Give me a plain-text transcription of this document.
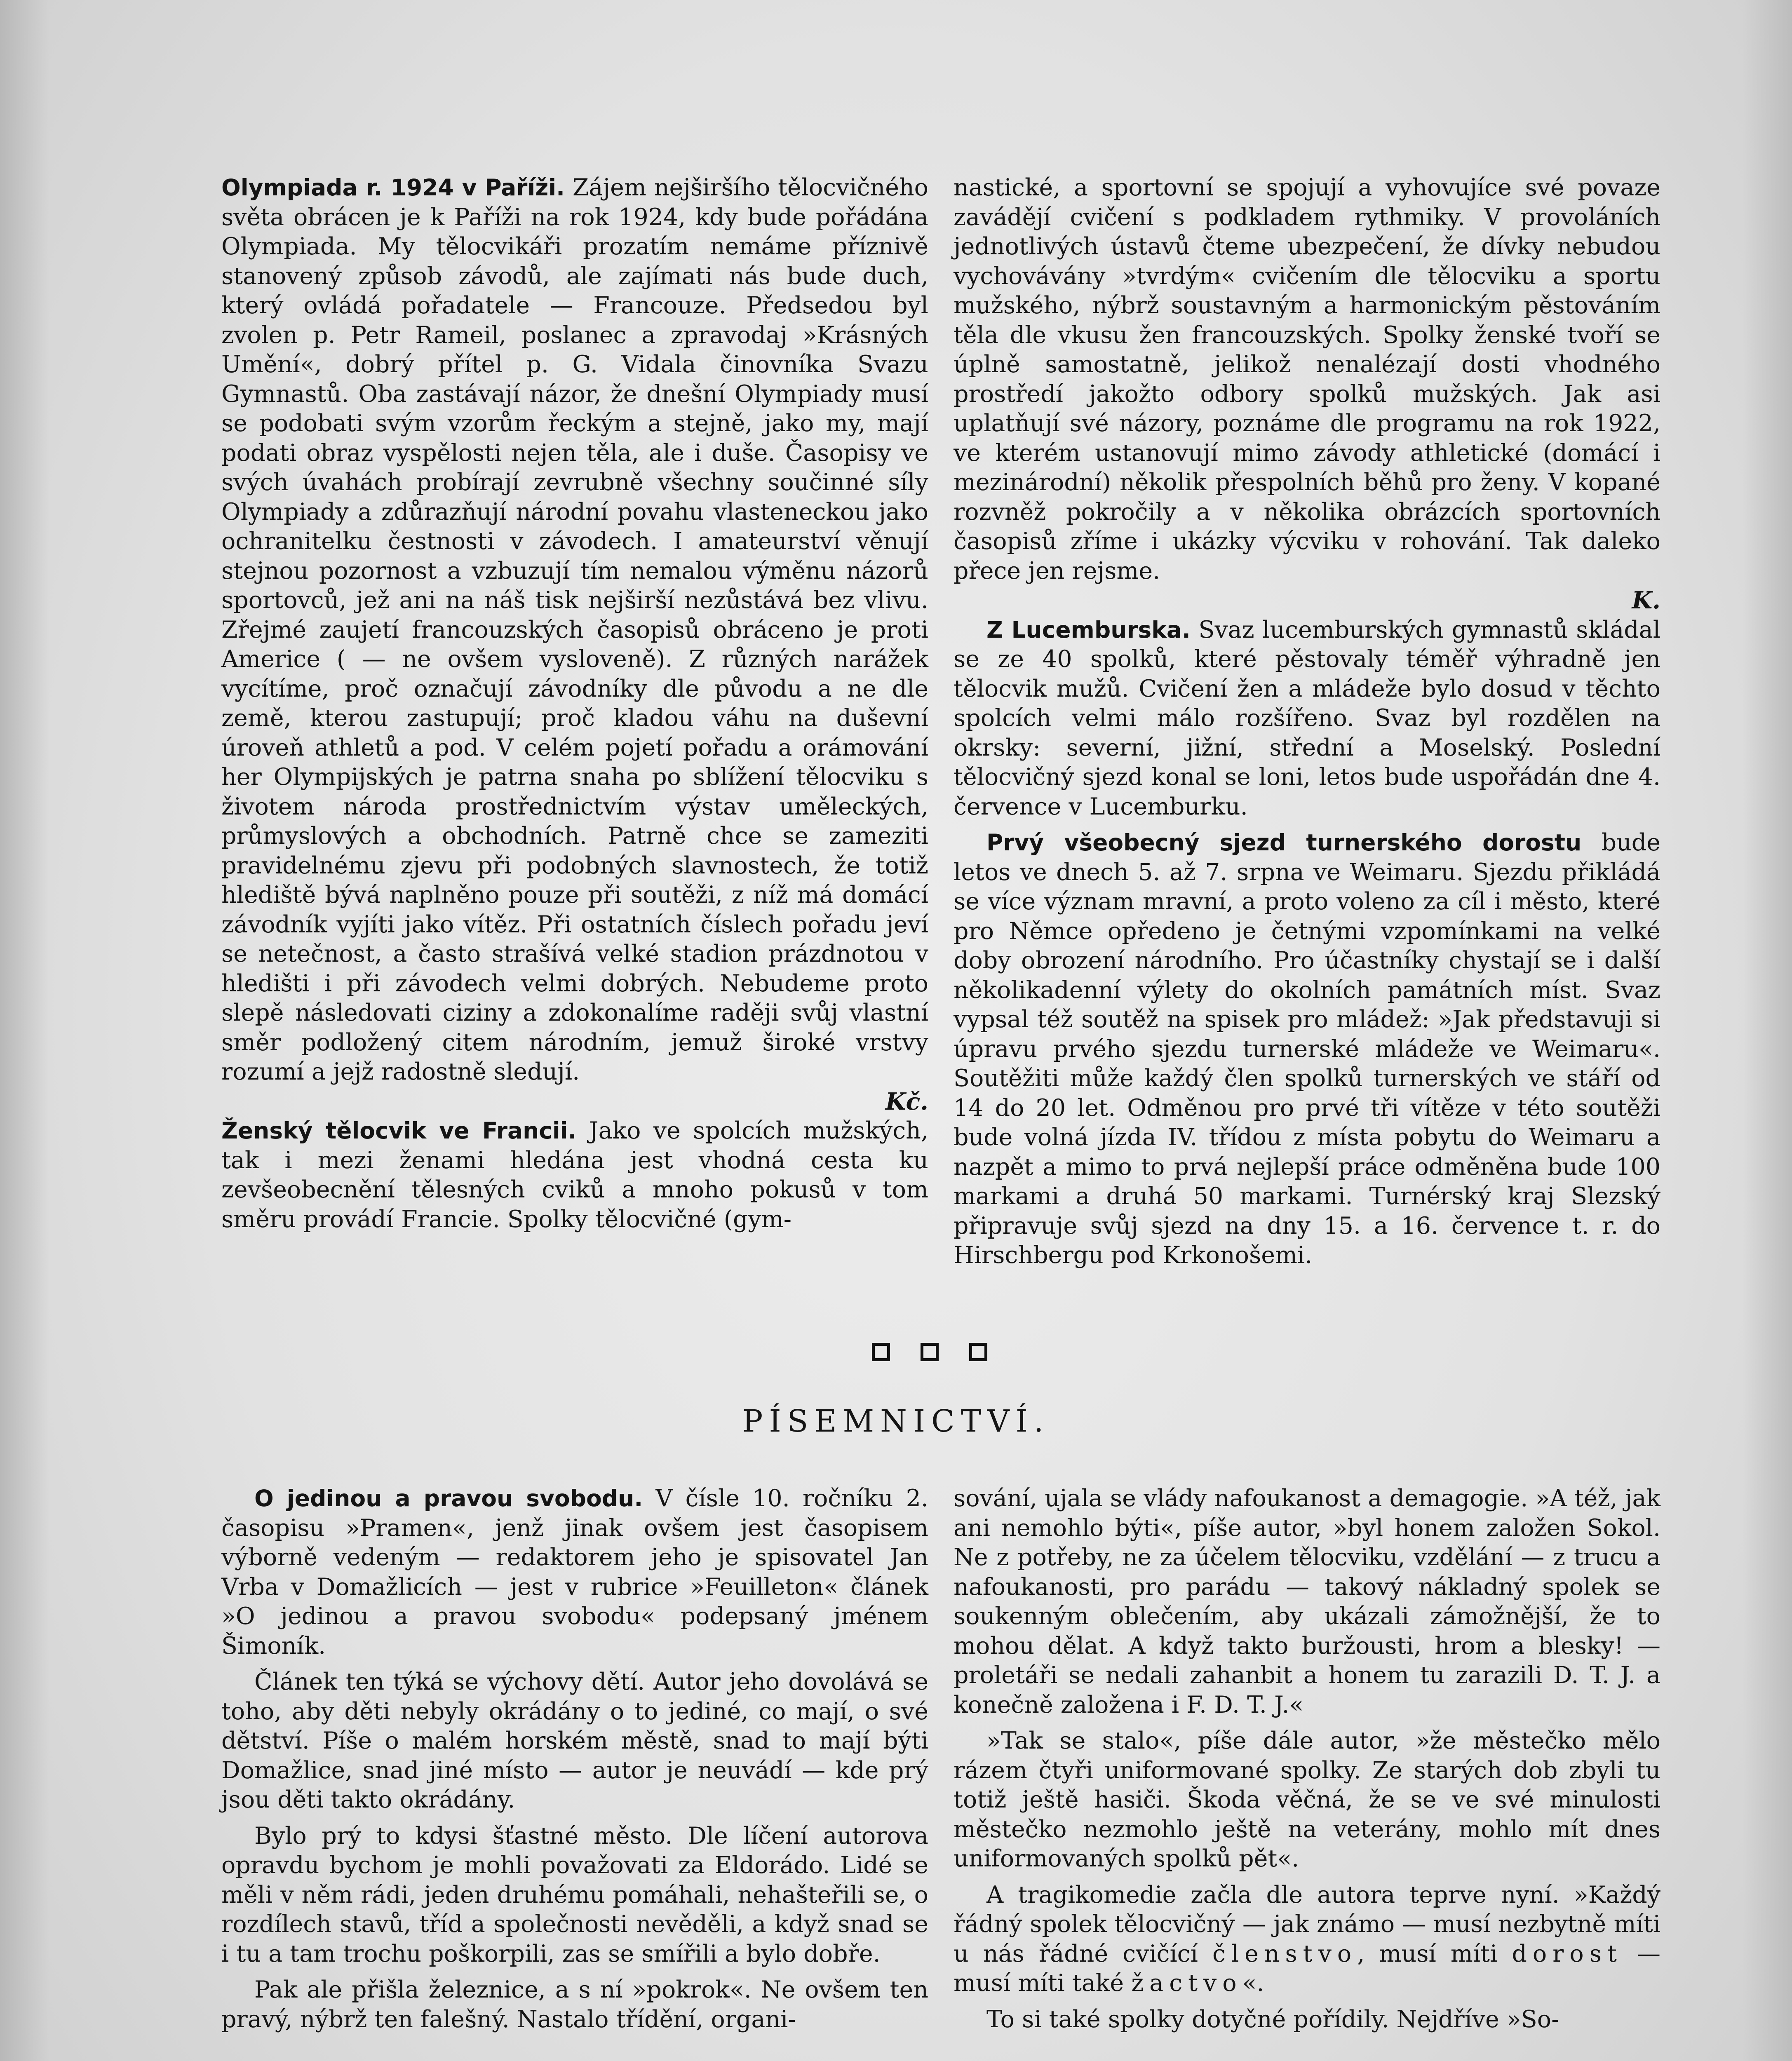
Olympiada r. 1924 v Paříži. Zájem nejširšího tělocvičného světa obrácen je k Paříži na rok 1924, kdy bude pořádána Olympiada. My tělocvikáři prozatím nemáme příznivě stanovený způsob závodů, ale zajímati nás bude duch, který ovládá pořadatele — Francouze. Předsedou byl zvolen p. Petr Rameil, poslanec a zpravodaj »Krásných Umění«, dobrý přítel p. G. Vidala činovníka Svazu Gymnastů. Oba zastávají názor, že dnešní Olympiady musí se podobati svým vzorům řeckým a stejně, jako my, mají podati obraz vyspělosti nejen těla, ale i duše. Časopisy ve svých úvahách probírají zevrubně všechny součinné síly Olympiady a zdůrazňují národní povahu vlasteneckou jako ochranitelku čestnosti v závodech. I amateurství věnují stejnou pozornost a vzbuzují tím nemalou výměnu názorů sportovců, jež ani na náš tisk nejširší nezůstává bez vlivu. Zřejmé zaujetí francouzských časopisů obráceno je proti Americe ( — ne ovšem vysloveně). Z různých narážek vycítíme, proč označují závodníky dle původu a ne dle země, kterou zastupují; proč kladou váhu na duševní úroveň athletů a pod. V celém pojetí pořadu a orámování her Olympijských je patrna snaha po sblížení tělocviku s životem národa prostřednictvím výstav uměleckých, průmyslových a obchodních. Patrně chce se zameziti pravidelnému zjevu při podobných slavnostech, že totiž hlediště bývá naplněno pouze při soutěži, z níž má domácí závodník vyjíti jako vítěz. Při ostatních číslech pořadu jeví se netečnost, a často strašívá velké stadion prázdnotou v hledišti i při závodech velmi dobrých. Nebudeme proto slepě následovati ciziny a zdokonalíme raději svůj vlastní směr podložený citem národním, jemuž široké vrstvy rozumí a jejž radostně sledují.
Kč.

Ženský tělocvik ve Francii. Jako ve spolcích mužských, tak i mezi ženami hledána jest vhodná cesta ku zevšeobecnění tělesných cviků a mnoho pokusů v tom směru provádí Francie. Spolky tělocvičné (gym-

nastické, a sportovní se spojují a vyhovujíce své povaze zavádějí cvičení s podkladem rythmiky. V provoláních jednotlivých ústavů čteme ubezpečení, že dívky nebudou vychovávány »tvrdým« cvičením dle tělocviku a sportu mužského, nýbrž soustavným a harmonickým pěstováním těla dle vkusu žen francouzských. Spolky ženské tvoří se úplně samostatně, jelikož nenalézají dosti vhodného prostředí jakožto odbory spolků mužských. Jak asi uplatňují své názory, poznáme dle programu na rok 1922, ve kterém ustanovují mimo závody athletické (domácí i mezinárodní) několik přespolních běhů pro ženy. V kopané rozvněž pokročily a v několika obrázcích sportovních časopisů zříme i ukázky výcviku v rohování. Tak daleko přece jen rejsme.
K.

Z Lucemburska. Svaz lucemburských gymnastů skládal se ze 40 spolků, které pěstovaly téměř výhradně jen tělocvik mužů. Cvičení žen a mládeže bylo dosud v těchto spolcích velmi málo rozšířeno. Svaz byl rozdělen na okrsky: severní, jižní, střední a Moselský. Poslední tělocvičný sjezd konal se loni, letos bude uspořádán dne 4. července v Lucemburku.

Prvý všeobecný sjezd turnerského dorostu bude letos ve dnech 5. až 7. srpna ve Weimaru. Sjezdu přikládá se více význam mravní, a proto voleno za cíl i město, které pro Němce opředeno je četnými vzpomínkami na velké doby obrození národního. Pro účastníky chystají se i další několikadenní výlety do okolních památních míst. Svaz vypsal též soutěž na spisek pro mládež: »Jak představuji si úpravu prvého sjezdu turnerské mládeže ve Weimaru«. Soutěžiti může každý člen spolků turnerských ve stáří od 14 do 20 let. Odměnou pro prvé tři vítěze v této soutěži bude volná jízda IV. třídou z místa pobytu do Weimaru a nazpět a mimo to prvá nejlepší práce odměněna bude 100 markami a druhá 50 markami. Turnérský kraj Slezský připravuje svůj sjezd na dny 15. a 16. července t. r. do Hirschbergu pod Krkonošemi.

PÍSEMNICTVÍ.

O jedinou a pravou svobodu. V čísle 10. ročníku 2. časopisu »Pramen«, jenž jinak ovšem jest časopisem výborně vedeným — redaktorem jeho je spisovatel Jan Vrba v Domažlicích — jest v rubrice »Feuilleton« článek »O jedinou a pravou svobodu« podepsaný jménem Šimoník.

Článek ten týká se výchovy dětí. Autor jeho dovolává se toho, aby děti nebyly okrádány o to jediné, co mají, o své dětství. Píše o malém horském městě, snad to mají býti Domažlice, snad jiné místo — autor je neuvádí — kde prý jsou děti takto okrádány.

Bylo prý to kdysi šťastné město. Dle líčení autorova opravdu bychom je mohli považovati za Eldorádo. Lidé se měli v něm rádi, jeden druhému pomáhali, nehašteřili se, o rozdílech stavů, tříd a společnosti nevěděli, a když snad se i tu a tam trochu poškorpili, zas se smířili a bylo dobře.

Pak ale přišla železnice, a s ní »pokrok«. Ne ovšem ten pravý, nýbrž ten falešný. Nastalo třídění, organi-

sování, ujala se vlády nafoukanost a demagogie. »A též, jak ani nemohlo býti«, píše autor, »byl honem založen Sokol. Ne z potřeby, ne za účelem tělocviku, vzdělání — z trucu a nafoukanosti, pro parádu — takový nákladný spolek se soukenným oblečením, aby ukázali zámožnější, že to mohou dělat. A když takto buržousti, hrom a blesky! — proletáři se nedali zahanbit a honem tu zarazili D. T. J. a konečně založena i F. D. T. J.«

»Tak se stalo«, píše dále autor, »že městečko mělo rázem čtyři uniformované spolky. Ze starých dob zbyli tu totiž ještě hasiči. Škoda věčná, že se ve své minulosti městečko nezmohlo ještě na veterány, mohlo mít dnes uniformovaných spolků pět«.

A tragikomedie začla dle autora teprve nyní. »Každý řádný spolek tělocvičný — jak známo — musí nezbytně míti u nás řádné cvičící členstvo, musí míti dorost — musí míti také žactvo«.

To si také spolky dotyčné pořídily. Nejdříve »So-
